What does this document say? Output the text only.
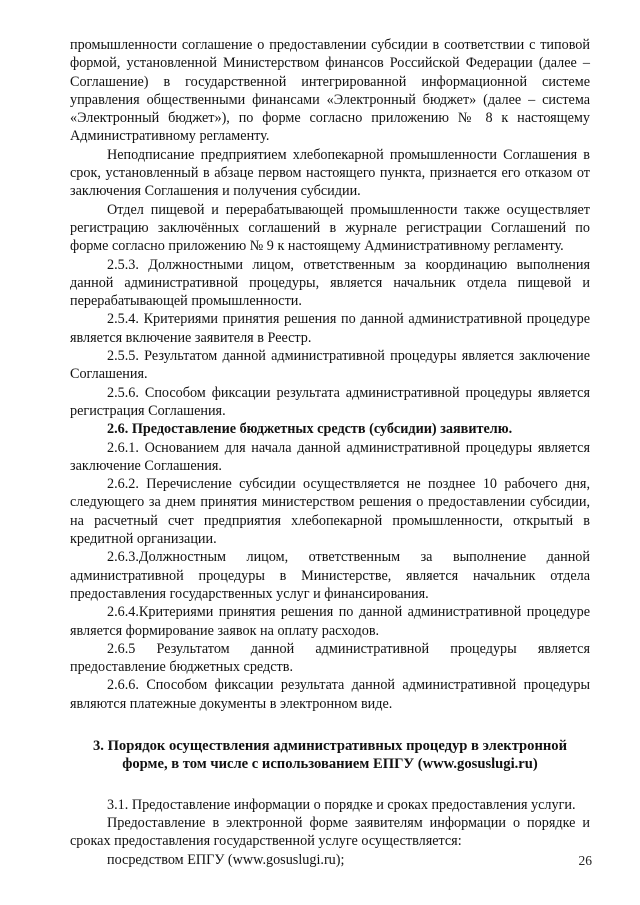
промышленности соглашение о предоставлении субсидии в соответствии с типовой формой, установленной Министерством финансов Российской Федерации (далее – Соглашение) в государственной интегрированной информационной системе управления общественными финансами «Электронный бюджет» (далее – система «Электронный бюджет»), по форме согласно приложению № 8 к настоящему Административному регламенту.

Неподписание предприятием хлебопекарной промышленности Соглашения в срок, установленный в абзаце первом настоящего пункта, признается его отказом от заключения Соглашения и получения субсидии.

Отдел пищевой и перерабатывающей промышленности также осуществляет регистрацию заключённых соглашений в журнале регистрации Соглашений по форме согласно приложению № 9 к настоящему Административному регламенту.

2.5.3. Должностными лицом, ответственным за координацию выполнения данной административной процедуры, является начальник отдела пищевой и перерабатывающей промышленности.

2.5.4. Критериями принятия решения по данной административной процедуре является включение заявителя в Реестр.

2.5.5. Результатом данной административной процедуры является заключение Соглашения.

2.5.6. Способом фиксации результата административной процедуры является регистрация Соглашения.

2.6. Предоставление бюджетных средств (субсидии) заявителю.

2.6.1. Основанием для начала данной административной процедуры является заключение Соглашения.

2.6.2. Перечисление субсидии осуществляется не позднее 10 рабочего дня, следующего за днем принятия министерством решения о предоставлении субсидии, на расчетный счет предприятия хлебопекарной промышленности, открытый в кредитной организации.

2.6.3.Должностным лицом, ответственным за выполнение данной административной процедуры в Министерстве, является начальник отдела предоставления государственных услуг и финансирования.

2.6.4.Критериями принятия решения по данной административной процедуре является формирование заявок на оплату расходов.

2.6.5 Результатом данной административной процедуры является предоставление бюджетных средств.

2.6.6. Способом фиксации результата данной административной процедуры являются платежные документы в электронном виде.

3. Порядок осуществления административных процедур в электронной форме, в том числе с использованием ЕПГУ (www.gosuslugi.ru)

3.1. Предоставление информации о порядке и сроках предоставления услуги.

Предоставление в электронной форме заявителям информации о порядке и сроках предоставления государственной услуге осуществляется:

посредством ЕПГУ (www.gosuslugi.ru);	26
